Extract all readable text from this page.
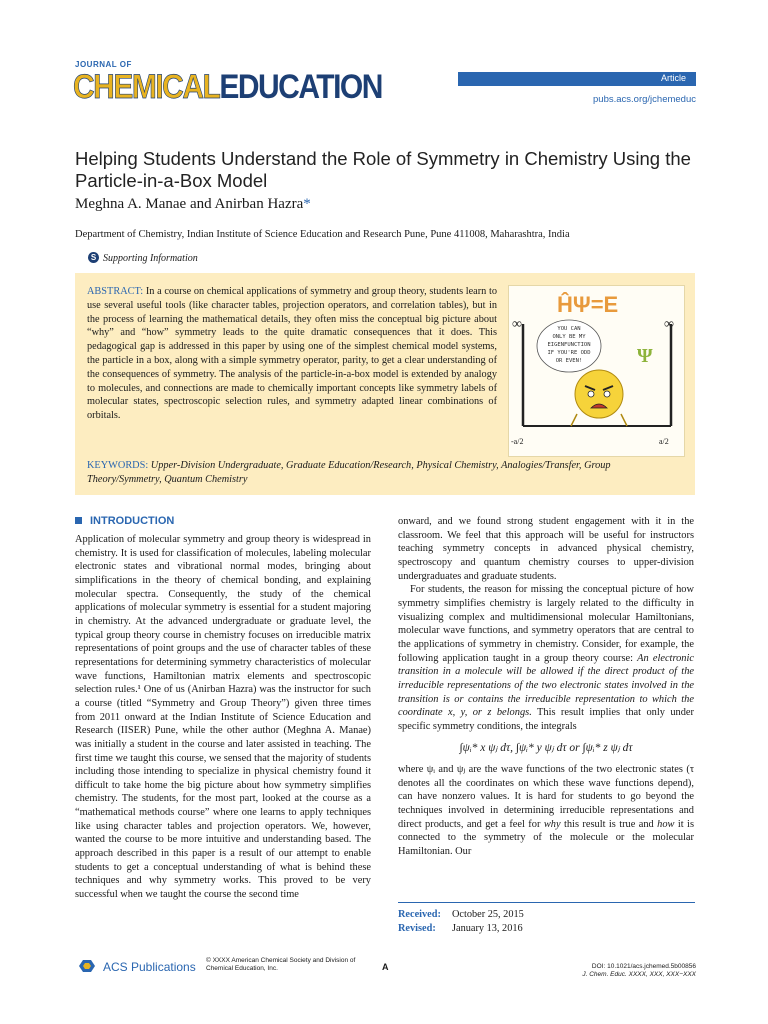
JOURNAL OF
CHEMICALEDUCATION	Article
pubs.acs.org/jchemeduc
Helping Students Understand the Role of Symmetry in Chemistry Using the Particle-in-a-Box Model
Meghna A. Manae and Anirban Hazra*
Department of Chemistry, Indian Institute of Science Education and Research Pune, Pune 411008, Maharashtra, India
S Supporting Information
ABSTRACT: In a course on chemical applications of symmetry and group theory, students learn to use several useful tools (like character tables, projection operators, and correlation tables), but in the process of learning the mathematical details, they often miss the conceptual big picture about “why” and “how” symmetry leads to the quite dramatic consequences that it does. This pedagogical gap is addressed in this paper by using one of the simplest chemical model systems, the particle in a box, along with a simple symmetry operator, parity, to get a clear understanding of the consequences of symmetry. The analysis of the particle-in-a-box model is extended by analogy to molecules, and connections are made to chemically important concepts like symmetry labels of molecular states, spectroscopic selection rules, and symmetry adapted linear combinations of orbitals.
ĤΨ=E
∞	∞
YOU CAN
ONLY BE MY
EIGENFUNCTION
IF YOU'RE ODD
OR EVEN!	Ψ
-a/2	a/2
KEYWORDS: Upper-Division Undergraduate, Graduate Education/Research, Physical Chemistry, Analogies/Transfer, Group Theory/Symmetry, Quantum Chemistry
INTRODUCTION

Application of molecular symmetry and group theory is widespread in chemistry. It is used for classification of molecules, labeling molecular electronic states and vibrational normal modes, bringing about simplifications in the theory of chemical bonding, and explaining molecular spectra. Consequently, the study of the chemical applications of molecular symmetry is essential for a student majoring in chemistry. At the advanced undergraduate or graduate level, the typical group theory course in chemistry focuses on irreducible matrix representations of point groups and the use of character tables of these representations for determining symmetry characteristics of molecular wave functions, Hamiltonian matrix elements and spectroscopic selection rules.¹ One of us (Anirban Hazra) was the instructor for such a course (titled “Symmetry and Group Theory”) given three times from 2011 onward at the Indian Institute of Science Education and Research (IISER) Pune, while the other author (Meghna A. Manae) was initially a student in the course and later assisted in teaching. The first time we taught this course, we sensed that the majority of students including those intending to specialize in physical chemistry found it difficult to take home the big picture about how symmetry simplifies chemistry. The students, for the most part, looked at the course as a “mathematical methods course” where one learns to apply techniques like using character tables and projection operators. We, however, wanted the course to be more intuitive and understanding based. The approach described in this paper is a result of our attempt to enable students to get a conceptual understanding of what is behind these techniques and why symmetry works. This proved to be very successful when we taught the course the second time

onward, and we found strong student engagement with it in the classroom. We feel that this approach will be useful for instructors teaching symmetry concepts in advanced physical chemistry, spectroscopy and quantum chemistry courses to upper-division undergraduates and graduate students.

For students, the reason for missing the conceptual picture of how symmetry simplifies chemistry is largely related to the difficulty in visualizing complex and multidimensional molecular Hamiltonians, molecular wave functions, and symmetry operators that are central to the applications of symmetry in chemistry. Consider, for example, the following application taught in a group theory course: An electronic transition in a molecule will be allowed if the direct product of the irreducible representations of the two electronic states involved in the transition is or contains the irreducible representation to which the coordinate x, y, or z belongs. This result implies that only under specific symmetry conditions, the integrals

∫ψᵢ* x ψⱼ dτ, ∫ψᵢ* y ψⱼ dτ or ∫ψᵢ* z ψⱼ dτ

where ψᵢ and ψⱼ are the wave functions of the two electronic states (τ denotes all the coordinates on which these wave functions depend), can have nonzero values. It is hard for students to go beyond the techniques involved in determining irreducible representations and direct products, and get a feel for why this result is true and how it is connected to the symmetry of the molecule or the molecular Hamiltonian. Our

Received: October 25, 2015
Revised: January 13, 2016
ACS Publications © XXXX American Chemical Society and Division of Chemical Education, Inc.	A	DOI: 10.1021/acs.jchemed.5b00856
J. Chem. Educ. XXXX, XXX, XXX−XXX
